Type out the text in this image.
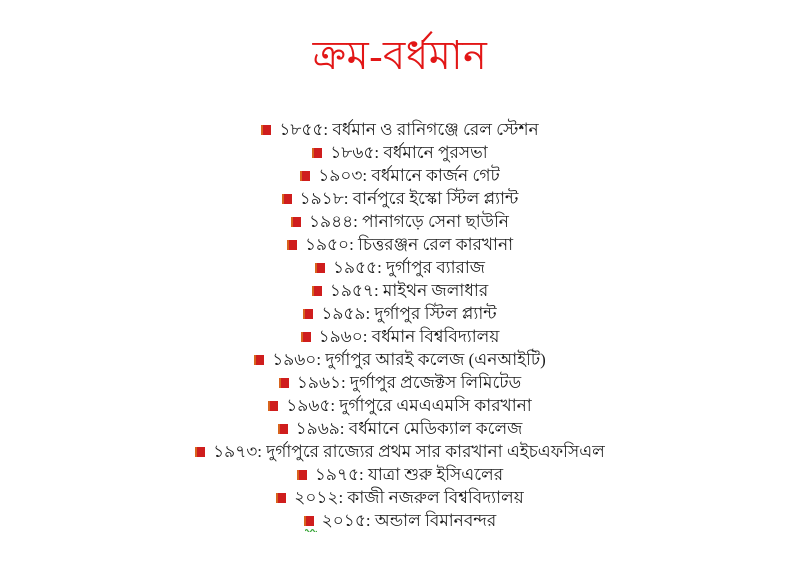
ক্রম-বর্ধমান
১৮৫৫: বর্ধমান ও রানিগঞ্জে রেল স্টেশন
১৮৬৫: বর্ধমানে পুরসভা
১৯০৩: বর্ধমানে কার্জন গেট
১৯১৮: বার্নপুরে ইস্কো স্টিল প্ল্যান্ট
১৯৪৪: পানাগড়ে সেনা ছাউনি
১৯৫০: চিত্তরঞ্জন রেল কারখানা
১৯৫৫: দুর্গাপুর ব্যারাজ
১৯৫৭: মাইথন জলাধার
১৯৫৯: দুর্গাপুর স্টিল প্ল্যান্ট
১৯৬০: বর্ধমান বিশ্ববিদ্যালয়
১৯৬০: দুর্গাপুর আরই কলেজ (এনআইটি)
১৯৬১: দুর্গাপুর প্রজেক্টস লিমিটেড
১৯৬৫: দুর্গাপুরে এমএএমসি কারখানা
১৯৬৯: বর্ধমানে মেডিক্যাল কলেজ
১৯৭৩: দুর্গাপুরে রাজ্যের প্রথম সার কারখানা এইচএফসিএল
১৯৭৫: যাত্রা শুরু ইসিএলের
২০১২: কাজী নজরুল বিশ্ববিদ্যালয়
২০১৫: অন্ডাল বিমানবন্দর
